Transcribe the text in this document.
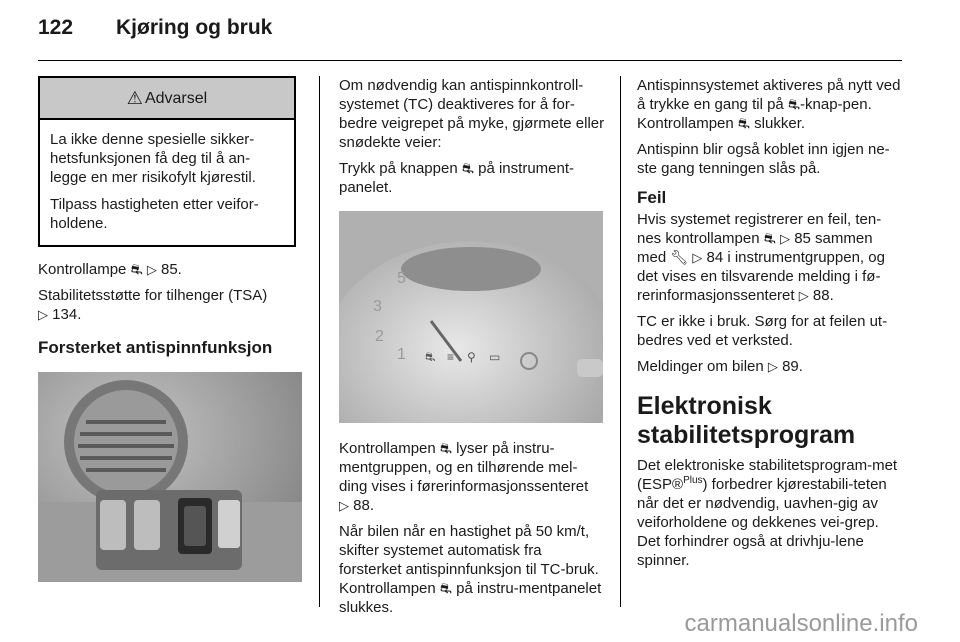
122 Kjøring og bruk
⚠ Advarsel

La ikke denne spesielle sikker-hetsfunksjonen få deg til å an-legge en mer risikofylt kjørestil.

Tilpass hastigheten etter veifor-holdene.

Kontrollampe ⛐ ▷ 85.

Stabilitetsstøtte for tilhenger (TSA)
▷ 134.

Forsterket antispinnfunksjon

Om nødvendig kan antispinnkontroll-systemet (TC) deaktiveres for å for-bedre veigrepet på myke, gjørmete eller snødekte veier:

Trykk på knappen ⛐ på instrument-panelet.

5
3
2
1 ⛐ ≡ ⚲ ▭

Kontrollampen ⛐ lyser på instru-mentgruppen, og en tilhørende mel-ding vises i førerinformasjonssenteret
▷ 88.

Når bilen når en hastighet på 50 km/t, skifter systemet automatisk fra forsterket antispinnfunksjon til TC-bruk. Kontrollampen ⛐ på instru-mentpanelet slukkes.

Antispinnsystemet aktiveres på nytt ved å trykke en gang til på ⛐-knap-pen. Kontrollampen ⛐ slukker.

Antispinn blir også koblet inn igjen ne-ste gang tenningen slås på.

Feil

Hvis systemet registrerer en feil, ten-nes kontrollampen ⛐ ▷ 85 sammen med 🔧︎ ▷ 84 i instrumentgruppen, og det vises en tilsvarende melding i fø-rerinformasjonssenteret ▷ 88.

TC er ikke i bruk. Sørg for at feilen ut-bedres ved et verksted.

Meldinger om bilen ▷ 89.

Elektronisk
stabilitetsprogram

Det elektroniske stabilitetsprogram-met (ESP®$^{Plus}$) forbedrer kjørestabili-teten når det er nødvendig, uavhen-gig av veiforholdene og dekkenes vei-grep. Det forhindrer også at drivhju-lene spinner.

carmanualsonline.info
